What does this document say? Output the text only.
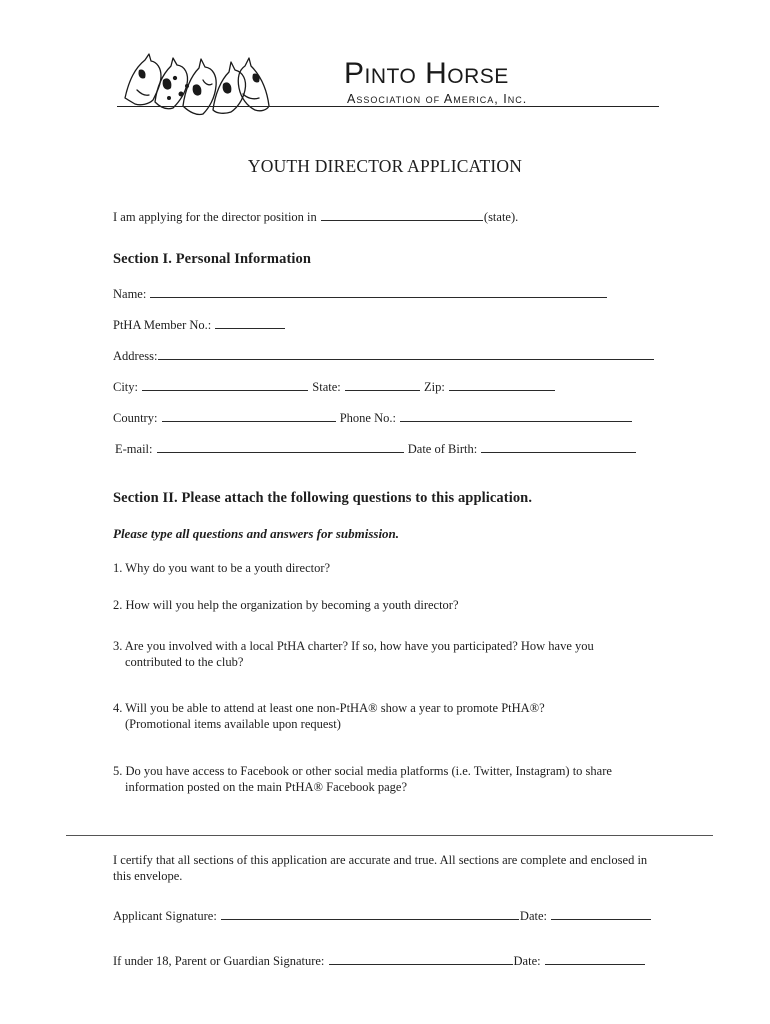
Pinto Horse
Association of America, Inc.
YOUTH DIRECTOR APPLICATION
I am applying for the director position in	(state).
Section I. Personal Information
Name:
PtHA Member No.:
Address:
City:	State:	Zip:
Country:	Phone No.:
E-mail:	Date of Birth:
Section II. Please attach the following questions to this application.
Please type all questions and answers for submission.
1. Why do you want to be a youth director?
2. How will you help the organization by becoming a youth director?
3. Are you involved with a local PtHA charter? If so, how have you participated? How have you
contributed to the club?
4. Will you be able to attend at least one non-PtHA® show a year to promote PtHA®?
(Promotional items available upon request)
5. Do you have access to Facebook or other social media platforms (i.e. Twitter, Instagram) to share
information posted on the main PtHA® Facebook page?
I certify that all sections of this application are accurate and true. All sections are complete and enclosed in
this envelope.
Applicant Signature:	Date:
If under 18, Parent or Guardian Signature:	Date:
